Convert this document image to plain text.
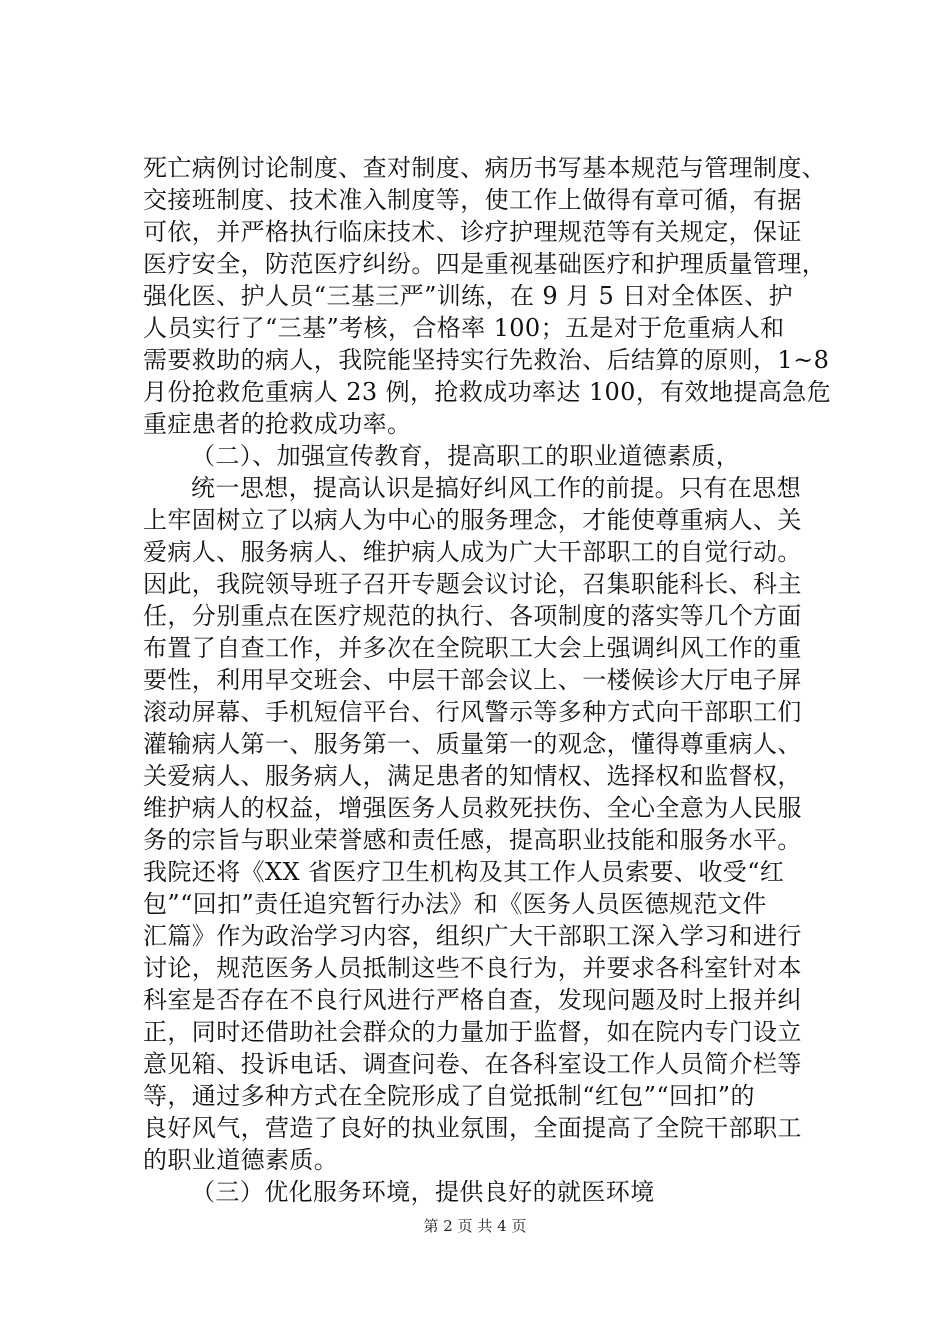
死亡病例讨论制度、查对制度、病历书写基本规范与管理制度、
交接班制度、技术准入制度等，使工作上做得有章可循，有据
可依，并严格执行临床技术、诊疗护理规范等有关规定，保证
医疗安全，防范医疗纠纷。四是重视基础医疗和护理质量管理，
强化医、护人员“三基三严”训练，在 9 月 5 日对全体医、护
人员实行了“三基”考核，合格率 100；五是对于危重病人和
需要救助的病人，我院能坚持实行先救治、后结算的原则，1~8
月份抢救危重病人 23 例，抢救成功率达 100，有效地提高急危
重症患者的抢救成功率。
（二）、加强宣传教育，提高职工的职业道德素质，
统一思想，提高认识是搞好纠风工作的前提。只有在思想
上牢固树立了以病人为中心的服务理念，才能使尊重病人、关
爱病人、服务病人、维护病人成为广大干部职工的自觉行动。
因此，我院领导班子召开专题会议讨论，召集职能科长、科主
任，分别重点在医疗规范的执行、各项制度的落实等几个方面
布置了自查工作，并多次在全院职工大会上强调纠风工作的重
要性，利用早交班会、中层干部会议上、一楼候诊大厅电子屏
滚动屏幕、手机短信平台、行风警示等多种方式向干部职工们
灌输病人第一、服务第一、质量第一的观念，懂得尊重病人、
关爱病人、服务病人，满足患者的知情权、选择权和监督权，
维护病人的权益，增强医务人员救死扶伤、全心全意为人民服
务的宗旨与职业荣誉感和责任感，提高职业技能和服务水平。
我院还将《XX 省医疗卫生机构及其工作人员索要、收受“红
包”“回扣”责任追究暂行办法》和《医务人员医德规范文件
汇篇》作为政治学习内容，组织广大干部职工深入学习和进行
讨论，规范医务人员抵制这些不良行为，并要求各科室针对本
科室是否存在不良行风进行严格自查，发现问题及时上报并纠
正，同时还借助社会群众的力量加于监督，如在院内专门设立
意见箱、投诉电话、调查问卷、在各科室设工作人员简介栏等
等，通过多种方式在全院形成了自觉抵制“红包”“回扣”的
良好风气，营造了良好的执业氛围，全面提高了全院干部职工
的职业道德素质。
（三）优化服务环境，提供良好的就医环境
第 2 页 共 4 页
